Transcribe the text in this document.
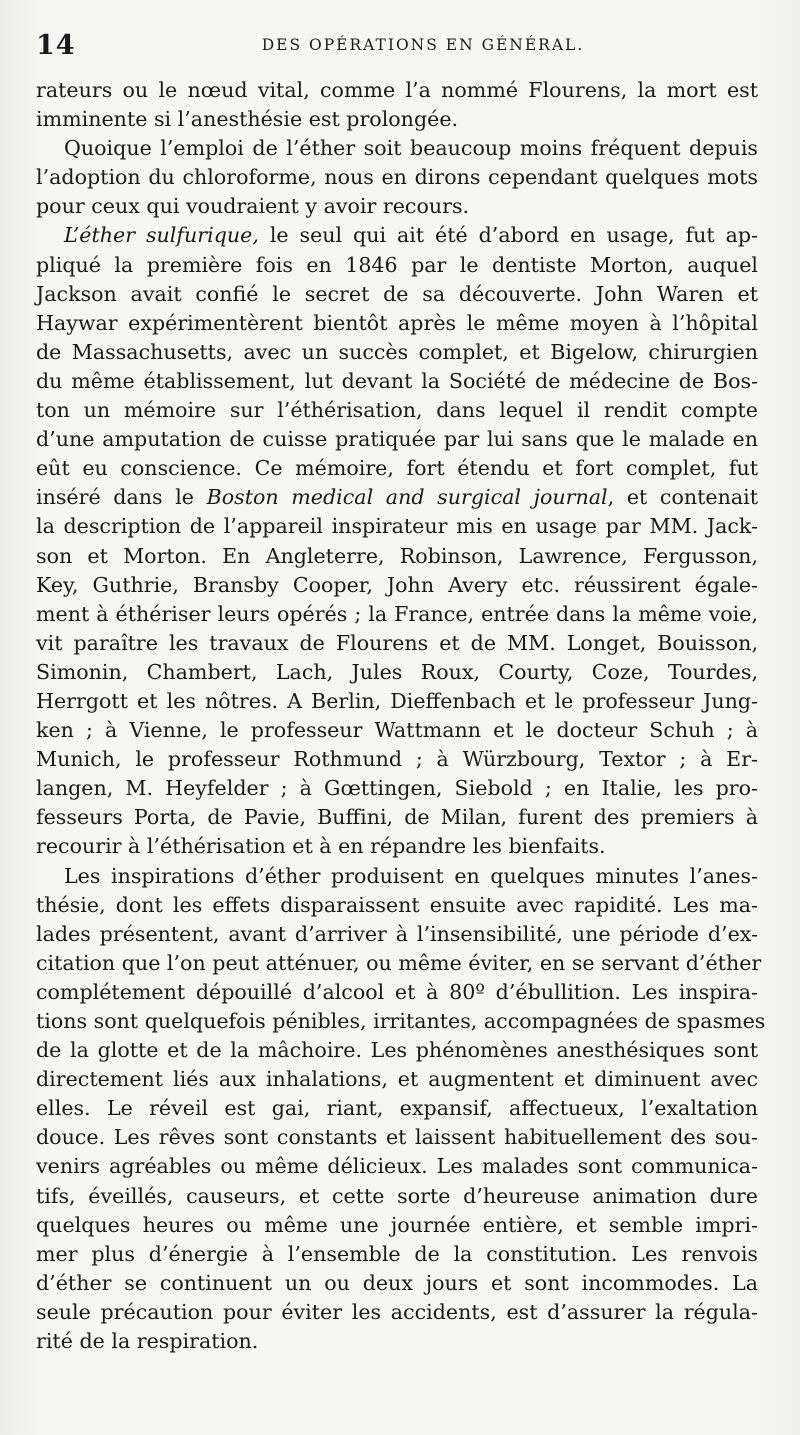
14	DES OPÉRATIONS EN GÉNÉRAL.
rateurs ou le nœud vital, comme l’a nommé Flourens, la mort est
imminente si l’anesthésie est prolongée.
Quoique l’emploi de l’éther soit beaucoup moins fréquent depuis
l’adoption du chloroforme, nous en dirons cependant quelques mots
pour ceux qui voudraient y avoir recours.
L’éther sulfurique, le seul qui ait été d’abord en usage, fut ap-
pliqué la première fois en 1846 par le dentiste Morton, auquel
Jackson avait confié le secret de sa découverte. John Waren et
Haywar expérimentèrent bientôt après le même moyen à l’hôpital
de Massachusetts, avec un succès complet, et Bigelow, chirurgien
du même établissement, lut devant la Société de médecine de Bos-
ton un mémoire sur l’éthérisation, dans lequel il rendit compte
d’une amputation de cuisse pratiquée par lui sans que le malade en
eût eu conscience. Ce mémoire, fort étendu et fort complet, fut
inséré dans le Boston medical and surgical journal, et contenait
la description de l’appareil inspirateur mis en usage par MM. Jack-
son et Morton. En Angleterre, Robinson, Lawrence, Fergusson,
Key, Guthrie, Bransby Cooper, John Avery etc. réussirent égale-
ment à éthériser leurs opérés ; la France, entrée dans la même voie,
vit paraître les travaux de Flourens et de MM. Longet, Bouisson,
Simonin, Chambert, Lach, Jules Roux, Courty, Coze, Tourdes,
Herrgott et les nôtres. A Berlin, Dieffenbach et le professeur Jung-
ken ; à Vienne, le professeur Wattmann et le docteur Schuh ; à
Munich, le professeur Rothmund ; à Würzbourg, Textor ; à Er-
langen, M. Heyfelder ; à Gœttingen, Siebold ; en Italie, les pro-
fesseurs Porta, de Pavie, Buffini, de Milan, furent des premiers à
recourir à l’éthérisation et à en répandre les bienfaits.
Les inspirations d’éther produisent en quelques minutes l’anes-
thésie, dont les effets disparaissent ensuite avec rapidité. Les ma-
lades présentent, avant d’arriver à l’insensibilité, une période d’ex-
citation que l’on peut atténuer, ou même éviter, en se servant d’éther
complétement dépouillé d’alcool et à 80º d’ébullition. Les inspira-
tions sont quelquefois pénibles, irritantes, accompagnées de spasmes
de la glotte et de la mâchoire. Les phénomènes anesthésiques sont
directement liés aux inhalations, et augmentent et diminuent avec
elles. Le réveil est gai, riant, expansif, affectueux, l’exaltation
douce. Les rêves sont constants et laissent habituellement des sou-
venirs agréables ou même délicieux. Les malades sont communica-
tifs, éveillés, causeurs, et cette sorte d’heureuse animation dure
quelques heures ou même une journée entière, et semble impri-
mer plus d’énergie à l’ensemble de la constitution. Les renvois
d’éther se continuent un ou deux jours et sont incommodes. La
seule précaution pour éviter les accidents, est d’assurer la régula-
rité de la respiration.
